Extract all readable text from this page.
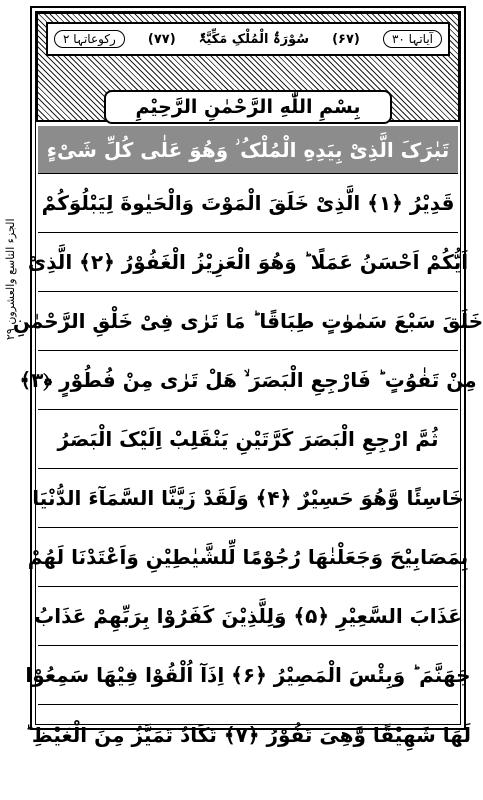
الجزء التاسع والعشرون ۲۹
آیاتہا ۳۰
(۶۷)
سُوْرَۃُ الْمُلْکِ مَکِّیَّۃٌ
(۷۷)
رکوعاتہا ۲
بِسْمِ اللّٰهِ الرَّحْمٰنِ الرَّحِیْمِ
تَبٰرَکَ الَّذِیْ بِیَدِهِ الْمُلْکُ ؗ وَهُوَ عَلٰی کُلِّ شَیْءٍ
قَدِیْرُ ﴿۱﴾ الَّذِیْ خَلَقَ الْمَوْتَ وَالْحَیٰوةَ لِیَبْلُوَکُمْ
اَیُّکُمْ اَحْسَنُ عَمَلًا ؕ وَهُوَ الْعَزِیْزُ الْغَفُوْرُ ﴿۲﴾ الَّذِیْ
خَلَقَ سَبْعَ سَمٰوٰتٍ طِبَاقًا ؕ مَا تَرٰی فِیْ خَلْقِ الرَّحْمٰنِ
مِنْ تَفٰوُتٍ ؕ فَارْجِعِ الْبَصَرَ ۙ هَلْ تَرٰی مِنْ فُطُوْرٍ ﴿۳﴾
ثُمَّ ارْجِعِ الْبَصَرَ کَرَّتَیْنِ یَنْقَلِبْ اِلَیْکَ الْبَصَرُ
خَاسِئًا وَّهُوَ حَسِیْرٌ ﴿۴﴾ وَلَقَدْ زَیَّنَّا السَّمَآءَ الدُّنْیَا
بِمَصَابِیْحَ وَجَعَلْنٰهَا رُجُوْمًا لِّلشَّیٰطِیْنِ وَاَعْتَدْنَا لَهُمْ
عَذَابَ السَّعِیْرِ ﴿۵﴾ وَلِلَّذِیْنَ کَفَرُوْا بِرَبِّهِمْ عَذَابُ
جَهَنَّمَ ؕ وَبِئْسَ الْمَصِیْرُ ﴿۶﴾ اِذَآ اُلْقُوْا فِیْهَا سَمِعُوْا
لَهَا شَهِیْقًا وَّهِیَ تَفُوْرُ ﴿۷﴾ تَکَادُ تَمَیَّزُ مِنَ الْغَیْظِ ؕ
